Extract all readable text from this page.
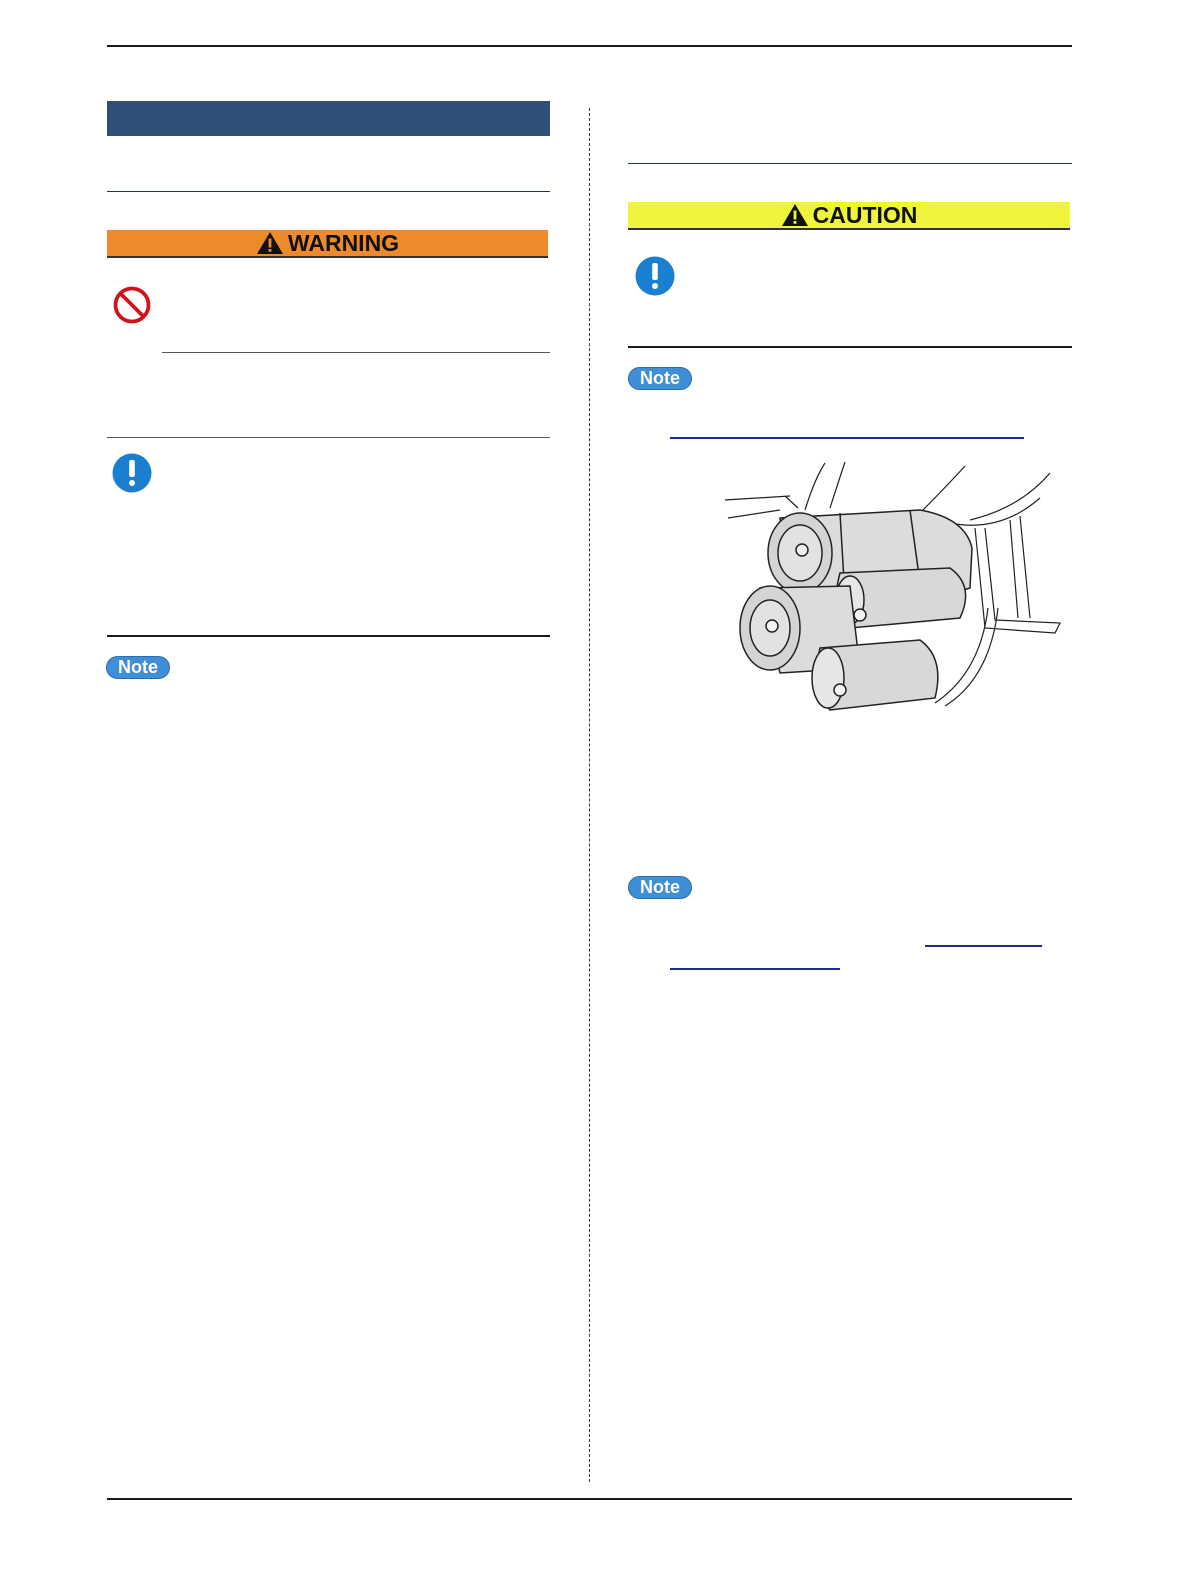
WARNING
Note
CAUTION
Note
Note
